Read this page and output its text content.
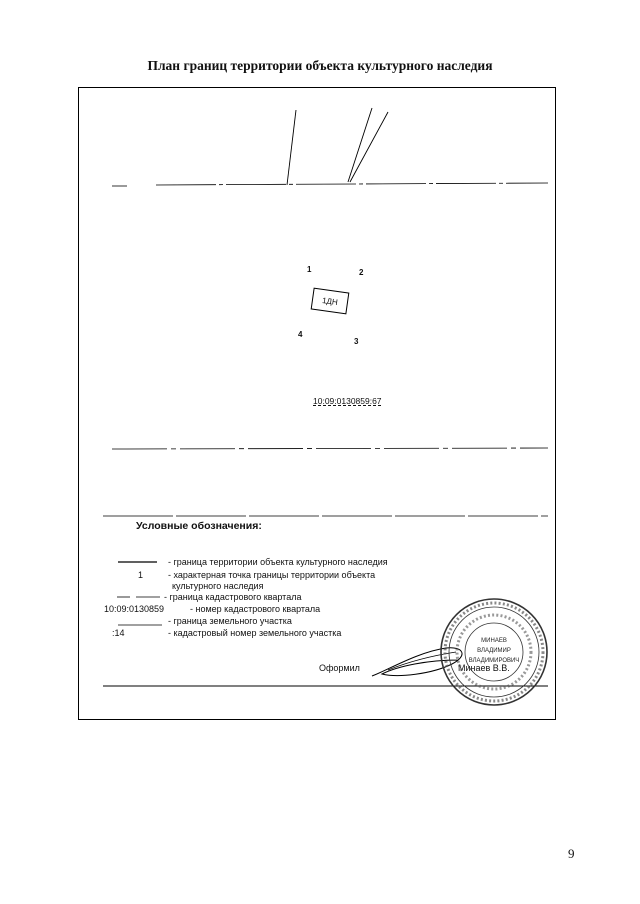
План границ территории объекта культурного наследия
1	2
3
4
1ДН
10:09:0130859:67
Условные обозначения:
- граница территории объекта культурного наследия
1	- характерная точка границы территории объекта
культурного наследия
- граница кадастрового квартала
10:09:0130859	- номер кадастрового квартала
- граница земельного участка
:14	- кадастровый номер земельного участка
Оформил	Минаев В.В.
МИНАЕВ
ВЛАДИМИР
ВЛАДИМИРОВИЧ
9
